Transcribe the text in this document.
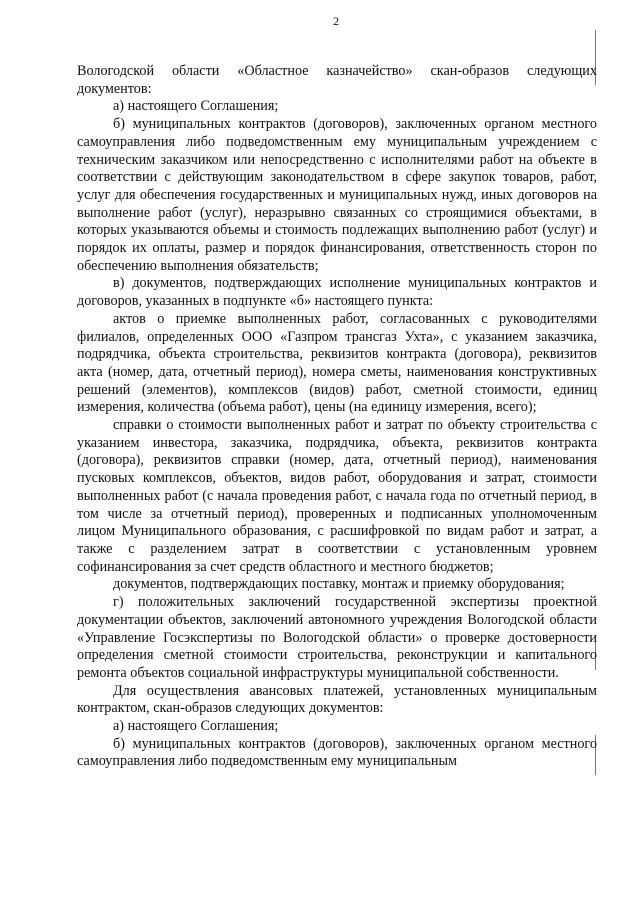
2

Вологодской области «Областное казначейство» скан-образов следующих документов:

а) настоящего Соглашения;

б) муниципальных контрактов (договоров), заключенных органом местного самоуправления либо подведомственным ему муниципальным учреждением с техническим заказчиком или непосредственно с исполнителями работ на объекте в соответствии с действующим законодательством в сфере закупок товаров, работ, услуг для обеспечения государственных и муниципальных нужд, иных договоров на выполнение работ (услуг), неразрывно связанных со строящимися объектами, в которых указываются объемы и стоимость подлежащих выполнению работ (услуг) и порядок их оплаты, размер и порядок финансирования, ответственность сторон по обеспечению выполнения обязательств;

в) документов, подтверждающих исполнение муниципальных контрактов и договоров, указанных в подпункте «б» настоящего пункта:

актов о приемке выполненных работ, согласованных с руководителями филиалов, определенных ООО «Газпром трансгаз Ухта», с указанием заказчика, подрядчика, объекта строительства, реквизитов контракта (договора), реквизитов акта (номер, дата, отчетный период), номера сметы, наименования конструктивных решений (элементов), комплексов (видов) работ, сметной стоимости, единиц измерения, количества (объема работ), цены (на единицу измерения, всего);

справки о стоимости выполненных работ и затрат по объекту строительства с указанием инвестора, заказчика, подрядчика, объекта, реквизитов контракта (договора), реквизитов справки (номер, дата, отчетный период), наименования пусковых комплексов, объектов, видов работ, оборудования и затрат, стоимости выполненных работ (с начала проведения работ, с начала года по отчетный период, в том числе за отчетный период), проверенных и подписанных уполномоченным лицом Муниципального образования, с расшифровкой по видам работ и затрат, а также с разделением затрат в соответствии с установленным уровнем софинансирования за счет средств областного и местного бюджетов;

документов, подтверждающих поставку, монтаж и приемку оборудования;

г) положительных заключений государственной экспертизы проектной документации объектов, заключений автономного учреждения Вологодской области «Управление Госэкспертизы по Вологодской области» о проверке достоверности определения сметной стоимости строительства, реконструкции и капитального ремонта объектов социальной инфраструктуры муниципальной собственности.

Для осуществления авансовых платежей, установленных муниципальным контрактом, скан-образов следующих документов:

а) настоящего Соглашения;

б) муниципальных контрактов (договоров), заключенных органом местного самоуправления либо подведомственным ему муниципальным
